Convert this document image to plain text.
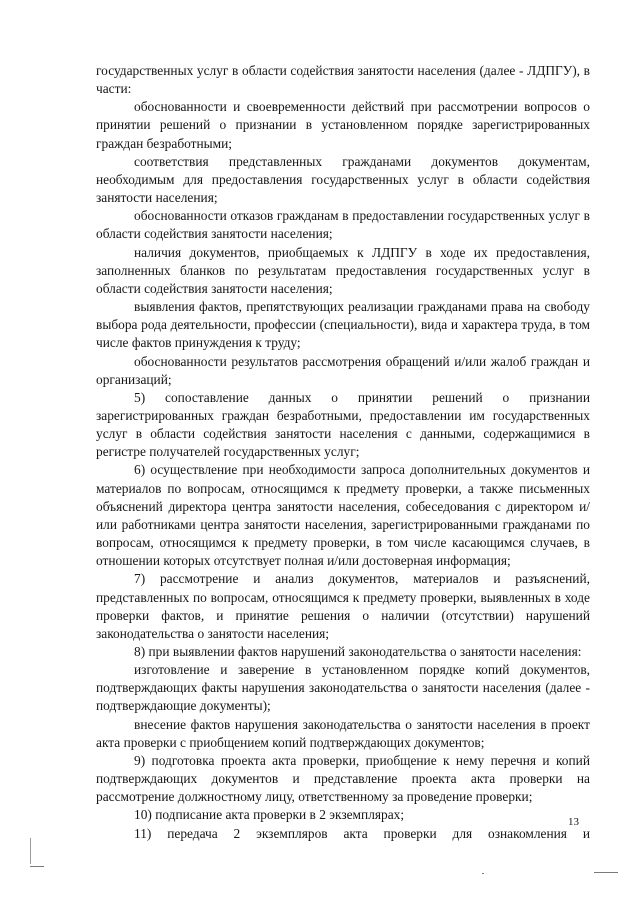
государственных услуг в области содействия занятости населения (далее - ЛДПГУ), в части:

обоснованности и своевременности действий при рассмотрении вопросов о принятии решений о признании в установленном порядке зарегистрированных граждан безработными;

соответствия представленных гражданами документов документам, необходимым для предоставления государственных услуг в области содействия занятости населения;

обоснованности отказов гражданам в предоставлении государственных услуг в области содействия занятости населения;

наличия документов, приобщаемых к ЛДПГУ в ходе их предоставления, заполненных бланков по результатам предоставления государственных услуг в области содействия занятости населения;

выявления фактов, препятствующих реализации гражданами права на свободу выбора рода деятельности, профессии (специальности), вида и характера труда, в том числе фактов принуждения к труду;

обоснованности результатов рассмотрения обращений и/или жалоб граждан и организаций;

5) сопоставление данных о принятии решений о признании зарегистрированных граждан безработными, предоставлении им государственных услуг в области содействия занятости населения с данными, содержащимися в регистре получателей государственных услуг;

6) осуществление при необходимости запроса дополнительных документов и материалов по вопросам, относящимся к предмету проверки, а также письменных объяснений директора центра занятости населения, собеседования с директором и/или работниками центра занятости населения, зарегистрированными гражданами по вопросам, относящимся к предмету проверки, в том числе касающимся случаев, в отношении которых отсутствует полная и/или достоверная информация;

7) рассмотрение и анализ документов, материалов и разъяснений, представленных по вопросам, относящимся к предмету проверки, выявленных в ходе проверки фактов, и принятие решения о наличии (отсутствии) нарушений законодательства о занятости населения;

8) при выявлении фактов нарушений законодательства о занятости населения:

изготовление и заверение в установленном порядке копий документов, подтверждающих факты нарушения законодательства о занятости населения (далее - подтверждающие документы);

внесение фактов нарушения законодательства о занятости населения в проект акта проверки с приобщением копий подтверждающих документов;

9) подготовка проекта акта проверки, приобщение к нему перечня и копий подтверждающих документов и представление проекта акта проверки на рассмотрение должностному лицу, ответственному за проведение проверки;

10) подписание акта проверки в 2 экземплярах;

11) передача 2 экземпляров акта проверки для ознакомления и

13
